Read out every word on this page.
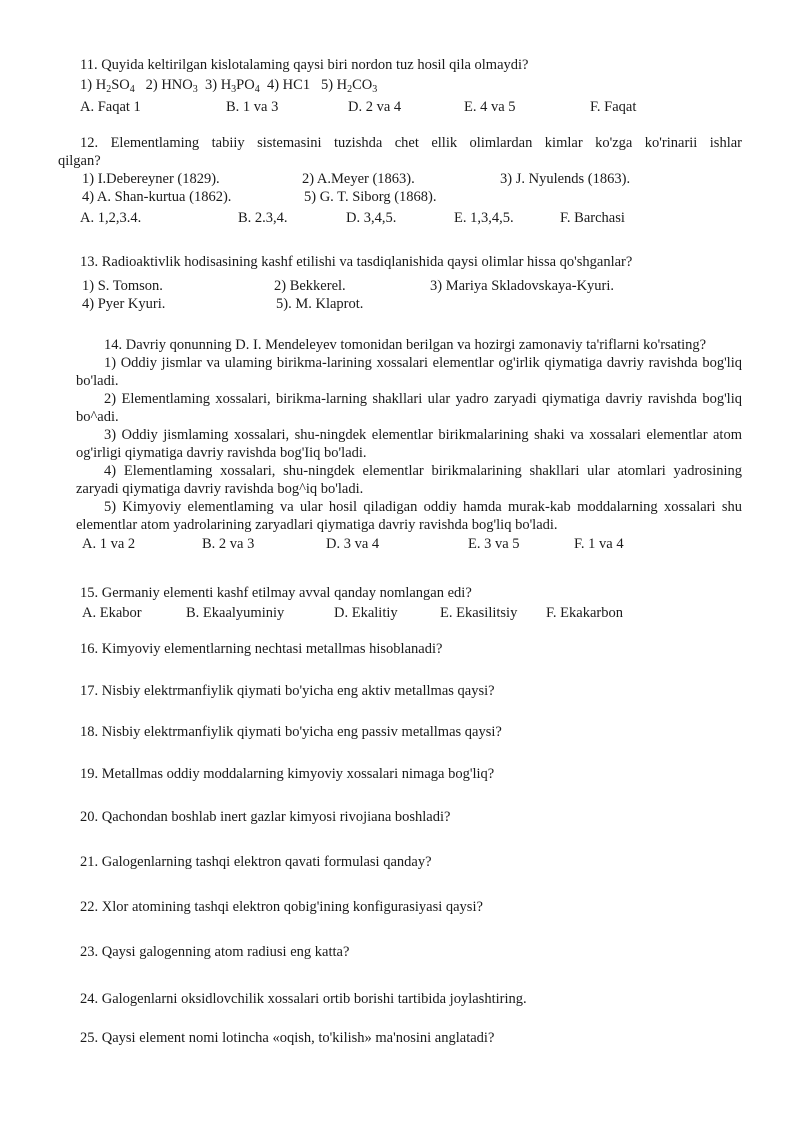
11. Quyida keltirilgan kislotalaming qaysi biri nordon tuz hosil qila olmaydi?
1) $H_2SO_4$ 2) $HNO_3$ 3) $H_3PO_4$ 4) HC1 5) $H_2CO_3$
A. Faqat 1	B. 1 va 3	D. 2 va 4	E. 4 va 5	F. Faqat
12. Elementlaming tabiiy sistemasini tuzishda chet ellik olimlardan kimlar ko'zga ko'rinarii ishlar
qilgan?
1) I.Debereyner (1829).	2) A.Meyer (1863).	3) J. Nyulends (1863).
4) A. Shan-kurtua (1862).	5) G. T. Siborg (1868).
A. 1,2,3.4.	B. 2.3,4.	D. 3,4,5.	E. 1,3,4,5.	F. Barchasi
13. Radioaktivlik hodisasining kashf etilishi va tasdiqlanishida qaysi olimlar hissa qo'shganlar?
1) S. Tomson.	2) Bekkerel.	3) Mariya Skladovskaya-Kyuri.
4) Pyer Kyuri.	5). M. Klaprot.
14. Davriy qonunning D. I. Mendeleyev tomonidan berilgan va hozirgi zamonaviy ta'riflarni ko'rsating?
1) Oddiy jismlar va ulaming birikma-larining xossalari elementlar og'irlik qiymatiga davriy ravishda bog'liq bo'ladi.
2) Elementlaming xossalari, birikma-larning shakllari ular yadro zaryadi qiymatiga davriy ravishda bog'liq bo^adi.
3) Oddiy jismlaming xossalari, shu-ningdek elementlar birikmalarining shaki va xossalari elementlar atom og'irligi qiymatiga davriy ravishda bog'Iiq bo'ladi.
4) Elementlaming xossalari, shu-ningdek elementlar birikmalarining shakllari ular atomlari yadrosining zaryadi qiymatiga davriy ravishda bog^iq bo'ladi.
5) Kimyoviy elementlaming va ular hosil qiladigan oddiy hamda murak-kab moddalarning xossalari shu elementlar atom yadrolarining zaryadlari qiymatiga davriy ravishda bog'liq bo'ladi.
A. 1 va 2	B. 2 va 3	D. 3 va 4	E. 3 va 5	F. 1 va 4
15. Germaniy elementi kashf etilmay avval qanday nomlangan edi?
A. Ekabor	B. Ekaalyuminiy	D. Ekalitiy	E. Ekasilitsiy F. Ekakarbon
16. Kimyoviy elementlarning nechtasi metallmas hisoblanadi?
17. Nisbiy elektrmanfiylik qiymati bo'yicha eng aktiv metallmas qaysi?
18. Nisbiy elektrmanfiylik qiymati bo'yicha eng passiv metallmas qaysi?
19. Metallmas oddiy moddalarning kimyoviy xossalari nimaga bog'liq?
20. Qachondan boshlab inert gazlar kimyosi rivojiana boshladi?
21. Galogenlarning tashqi elektron qavati formulasi qanday?
22. Xlor atomining tashqi elektron qobig'ining konfigurasiyasi qaysi?
23. Qaysi galogenning atom radiusi eng katta?
24. Galogenlarni oksidlovchilik xossalari ortib borishi tartibida joylashtiring.
25. Qaysi element nomi lotincha «oqish, to'kilish» ma'nosini anglatadi?
